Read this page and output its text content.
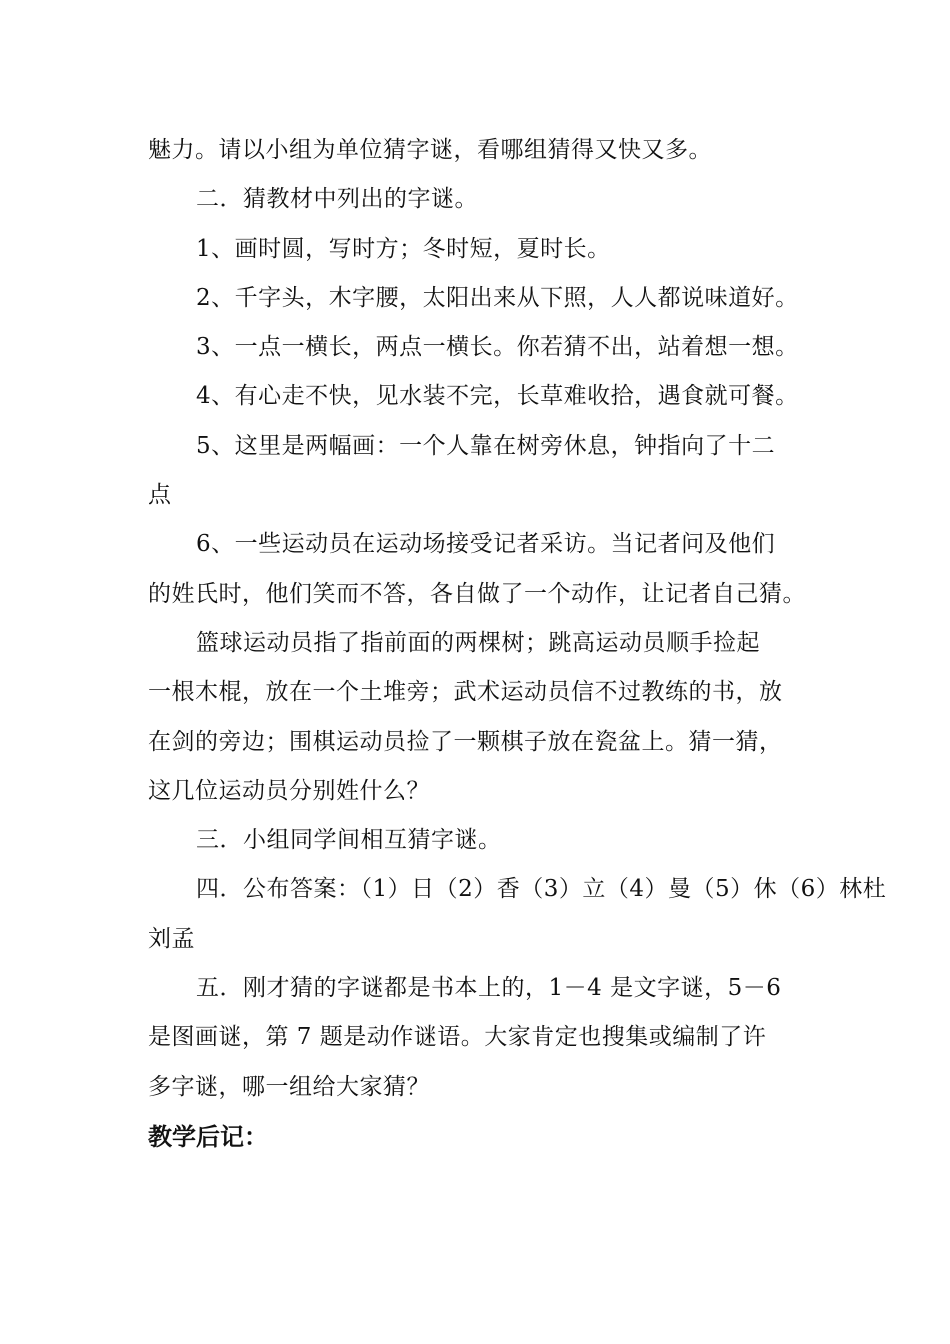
魅力。请以小组为单位猜字谜，看哪组猜得又快又多。
二．猜教材中列出的字谜。
1、画时圆，写时方；冬时短，夏时长。
2、千字头，木字腰，太阳出来从下照，人人都说味道好。
3、一点一横长，两点一横长。你若猜不出，站着想一想。
4、有心走不快，见水装不完，长草难收拾，遇食就可餐。
5、这里是两幅画：一个人靠在树旁休息，钟指向了十二
点
6、一些运动员在运动场接受记者采访。当记者问及他们
的姓氏时，他们笑而不答，各自做了一个动作，让记者自己猜。
篮球运动员指了指前面的两棵树；跳高运动员顺手捡起
一根木棍，放在一个土堆旁；武术运动员信不过教练的书，放
在剑的旁边；围棋运动员捡了一颗棋子放在瓷盆上。猜一猜，
这几位运动员分别姓什么？
三．小组同学间相互猜字谜。
四．公布答案：（1）日（2）香（3）立（4）曼（5）休（6）林杜
刘孟
五．刚才猜的字谜都是书本上的，1－4 是文字谜，5－6
是图画谜，第 7 题是动作谜语。大家肯定也搜集或编制了许
多字谜，哪一组给大家猜？
教学后记：
